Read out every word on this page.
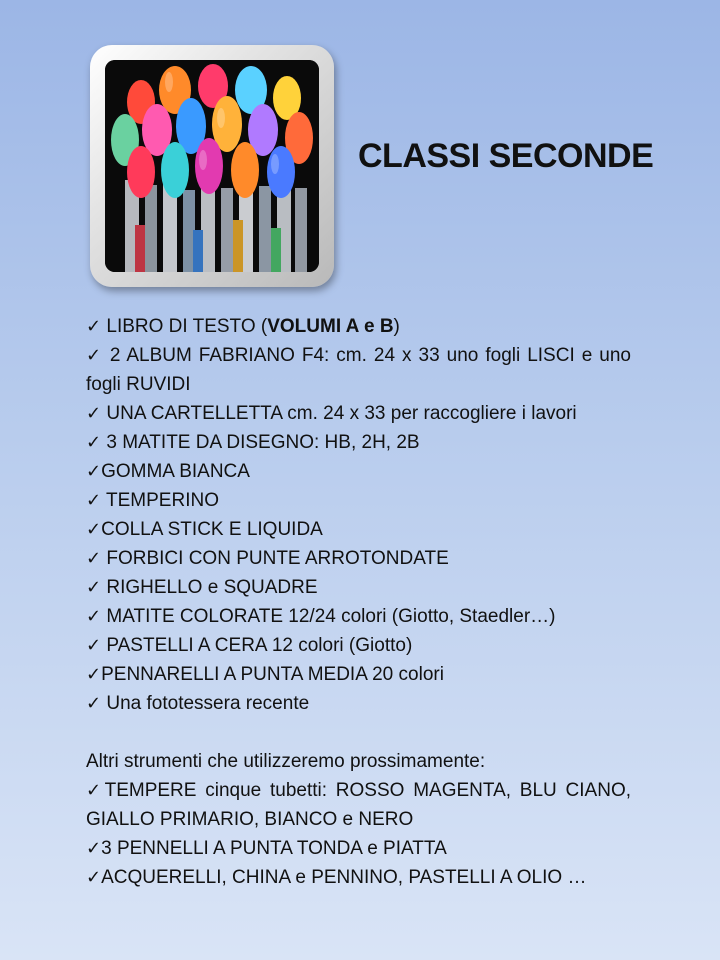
CLASSI SECONDE

✓ LIBRO DI TESTO (VOLUMI A e B)

✓ 2 ALBUM FABRIANO F4: cm. 24 x 33 uno fogli LISCI e uno fogli RUVIDI

✓ UNA CARTELLETTA cm. 24 x 33 per raccogliere i lavori

✓ 3 MATITE DA DISEGNO: HB, 2H, 2B

✓GOMMA BIANCA

✓ TEMPERINO

✓COLLA STICK E LIQUIDA

✓ FORBICI CON PUNTE ARROTONDATE

✓ RIGHELLO e SQUADRE

✓ MATITE COLORATE 12/24 colori (Giotto, Staedler…)

✓ PASTELLI A CERA 12 colori (Giotto)

✓PENNARELLI A PUNTA MEDIA 20 colori

✓ Una fototessera recente

Altri strumenti che utilizzeremo prossimamente:

✓TEMPERE cinque tubetti: ROSSO MAGENTA, BLU CIANO, GIALLO PRIMARIO, BIANCO e NERO

✓3 PENNELLI A PUNTA TONDA e PIATTA

✓ACQUERELLI, CHINA e PENNINO, PASTELLI A OLIO …
